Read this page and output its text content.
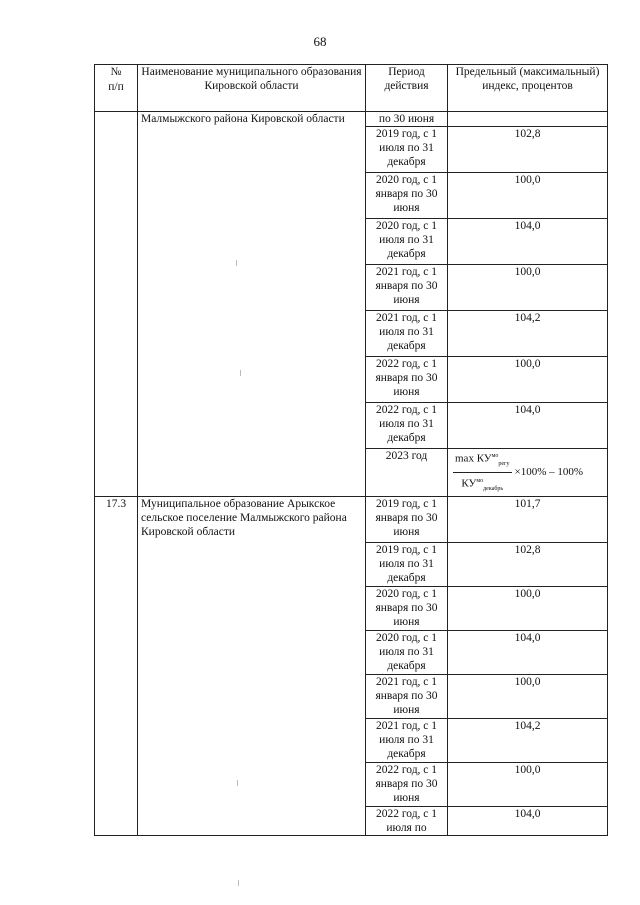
68
№
п/п	Наименование муниципального образования Кировской области	Период действия	Предельный (максимальный) индекс, процентов
	Малмыжского района Кировской области	по 30 июня	
		2019 год, с 1 июля по 31 декабря	102,8
		2020 год, с 1 января по 30 июня	100,0
		2020 год, с 1 июля по 31 декабря	104,0
		2021 год, с 1 января по 30 июня	100,0
		2021 год, с 1 июля по 31 декабря	104,2
		2022 год, с 1 января по 30 июня	100,0
		2022 год, с 1 июля по 31 декабря	104,0
		2023 год	$\frac{\max КУ^{мо}_{регу}}{КУ^{мо}_{декабрь}} \times 100\% - 100\%$

17.3	Муниципальное образование Арыкское сельское поселение Малмыжского района Кировской области	2019 год, с 1 января по 30 июня	101,7
		2019 год, с 1 июля по 31 декабря	102,8
		2020 год, с 1 января по 30 июня	100,0
		2020 год, с 1 июля по 31 декабря	104,0
		2021 год, с 1 января по 30 июня	100,0
		2021 год, с 1 июля по 31 декабря	104,2
		2022 год, с 1 января по 30 июня	100,0
		2022 год, с 1 июля по	104,0
